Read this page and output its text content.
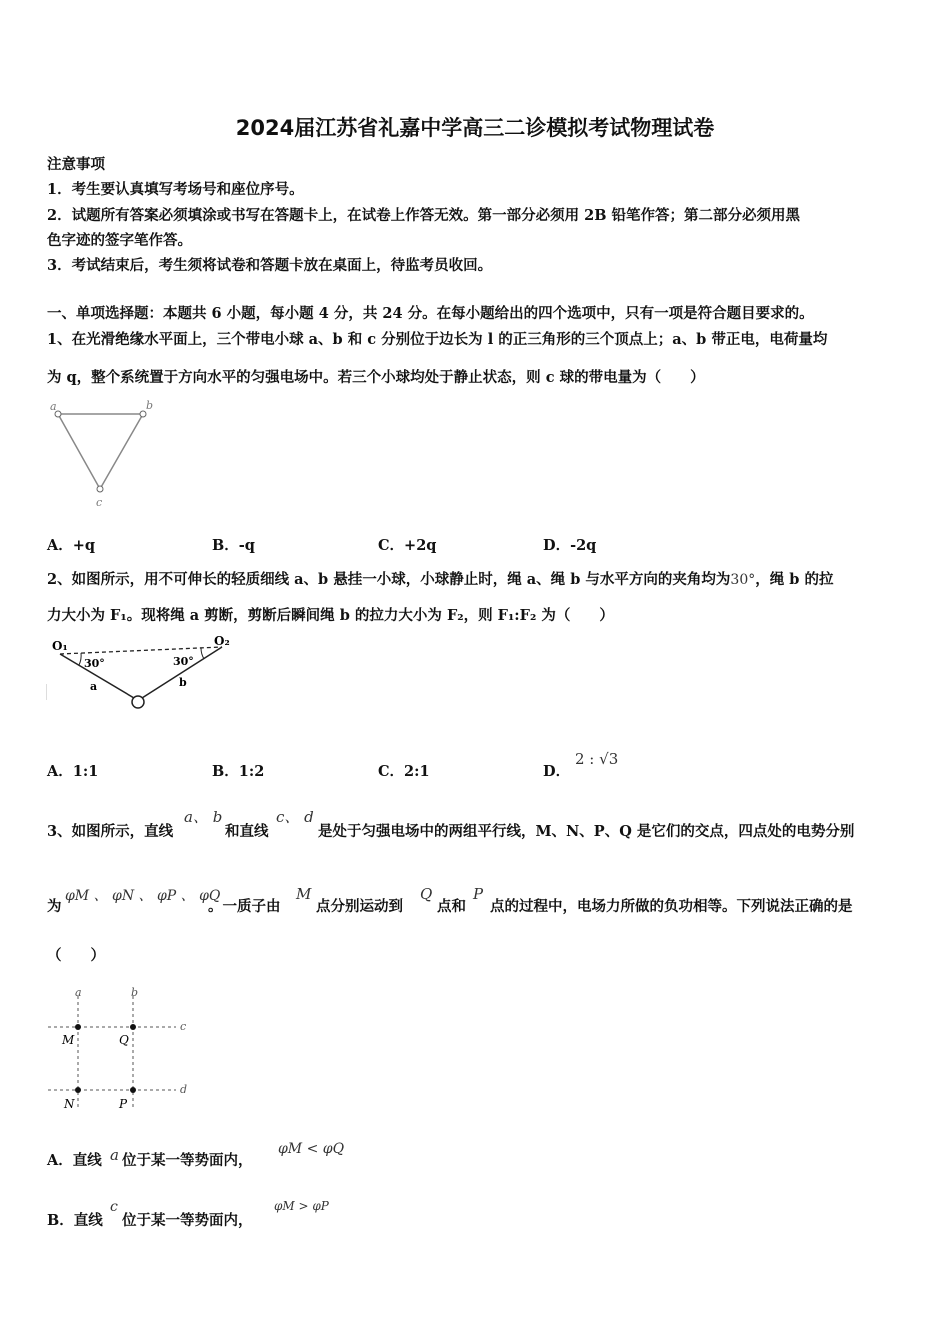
2024届江苏省礼嘉中学高三二诊模拟考试物理试卷
注意事项
1．考生要认真填写考场号和座位序号。
2．试题所有答案必须填涂或书写在答题卡上，在试卷上作答无效。第一部分必须用 2B 铅笔作答；第二部分必须用黑
色字迹的签字笔作答。
3．考试结束后，考生须将试卷和答题卡放在桌面上，待监考员收回。
一、单项选择题：本题共 6 小题，每小题 4 分，共 24 分。在每小题给出的四个选项中，只有一项是符合题目要求的。
1、在光滑绝缘水平面上，三个带电小球 a、b 和 c 分别位于边长为 l 的正三角形的三个顶点上；a、b 带正电，电荷量均
为 q，整个系统置于方向水平的匀强电场中。若三个小球均处于静止状态，则 c 球的带电量为（　　）
a	b
c
A．+q	B．-q	C．+2q	D．-2q
2、如图所示，用不可伸长的轻质细线 a、b 悬挂一小球，小球静止时，绳 a、绳 b 与水平方向的夹角均为30°，绳 b 的拉
力大小为 F₁。现将绳 a 剪断，剪断后瞬间绳 b 的拉力大小为 F₂，则 F₁:F₂ 为（　　）
O₁	O₂
30°	30°
a	b
A．1:1	B．1:2	C．2:1	D．
2 : √3
3、如图所示，直线
a、 b
和直线
c、 d
是处于匀强电场中的两组平行线，M、N、P、Q 是它们的交点，四点处的电势分别
为
φM 、 φN 、 φP 、 φQ
。一质子由
M
点分别运动到
Q
点和
P
点的过程中，电场力所做的负功相等。下列说法正确的是
（　　）
a	b
c
d
M	Q
N	P
A．直线 a 位于某一等势面内，
φM < φQ
B．直线
c
位于某一等势面内，
φM > φP
